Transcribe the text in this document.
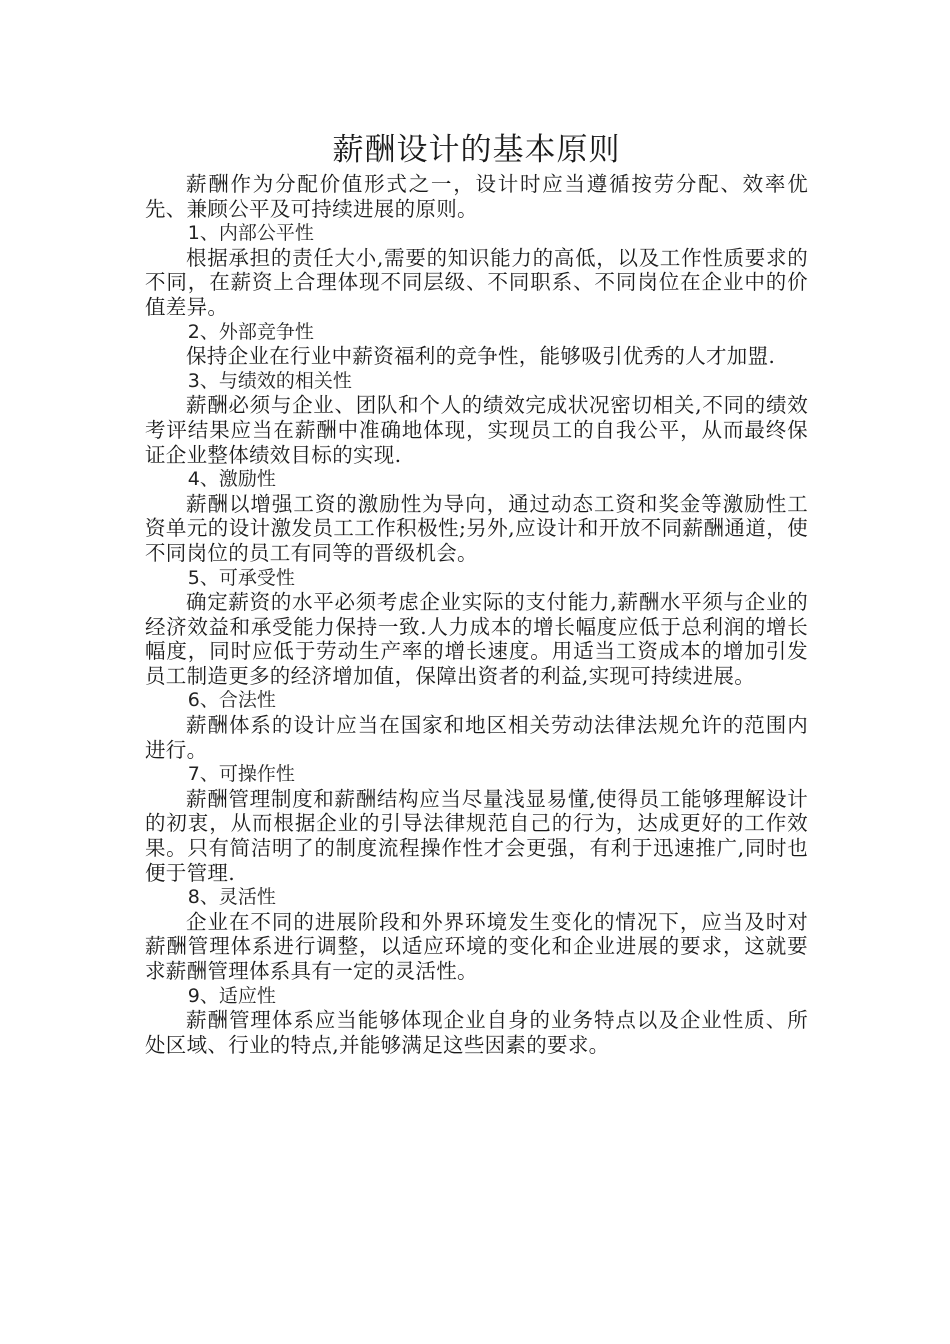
薪酬设计的基本原则

薪酬作为分配价值形式之一，设计时应当遵循按劳分配、效率优先、兼顾公平及可持续进展的原则。

1、内部公平性

根据承担的责任大小,需要的知识能力的高低，以及工作性质要求的不同，在薪资上合理体现不同层级、不同职系、不同岗位在企业中的价值差异。

2、外部竞争性

保持企业在行业中薪资福利的竞争性，能够吸引优秀的人才加盟.

3、与绩效的相关性

薪酬必须与企业、团队和个人的绩效完成状况密切相关,不同的绩效考评结果应当在薪酬中准确地体现，实现员工的自我公平，从而最终保证企业整体绩效目标的实现.

4、激励性

薪酬以增强工资的激励性为导向，通过动态工资和奖金等激励性工资单元的设计激发员工工作积极性;另外,应设计和开放不同薪酬通道，使不同岗位的员工有同等的晋级机会。

5、可承受性

确定薪资的水平必须考虑企业实际的支付能力,薪酬水平须与企业的经济效益和承受能力保持一致.人力成本的增长幅度应低于总利润的增长幅度，同时应低于劳动生产率的增长速度。用适当工资成本的增加引发员工制造更多的经济增加值，保障出资者的利益,实现可持续进展。

6、合法性

薪酬体系的设计应当在国家和地区相关劳动法律法规允许的范围内进行。

7、可操作性

薪酬管理制度和薪酬结构应当尽量浅显易懂,使得员工能够理解设计的初衷，从而根据企业的引导法律规范自己的行为，达成更好的工作效果。只有简洁明了的制度流程操作性才会更强，有利于迅速推广,同时也便于管理.

8、灵活性

企业在不同的进展阶段和外界环境发生变化的情况下，应当及时对薪酬管理体系进行调整，以适应环境的变化和企业进展的要求，这就要求薪酬管理体系具有一定的灵活性。

9、适应性

薪酬管理体系应当能够体现企业自身的业务特点以及企业性质、所处区域、行业的特点,并能够满足这些因素的要求。
